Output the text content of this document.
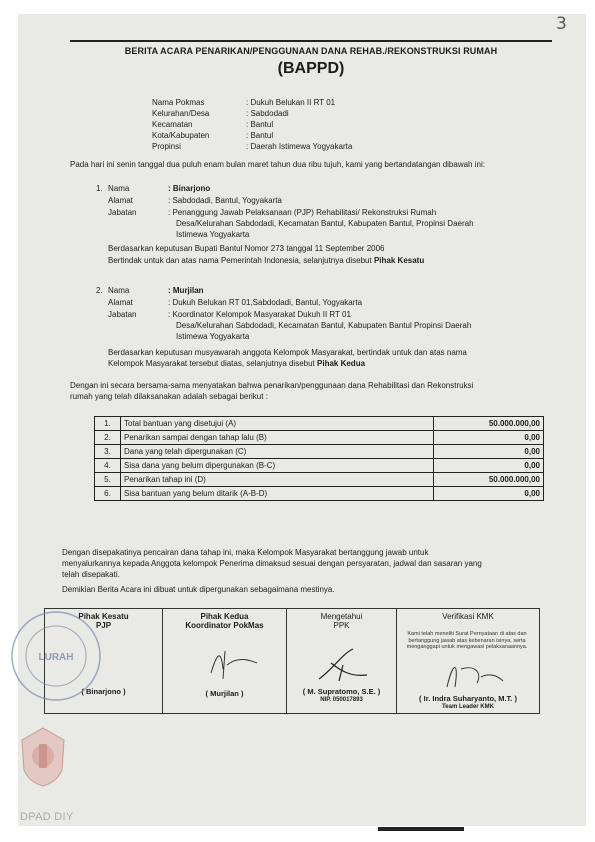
3
BERITA ACARA PENARIKAN/PENGGUNAAN DANA REHAB./REKONSTRUKSI RUMAH
(BAPPD)
Nama Pokmas	: Dukuh Belukan II RT 01
Kelurahan/Desa	: Sabdodadi
Kecamatan	: Bantul
Kota/Kabupaten	: Bantul
Propinsi	: Daerah Istimewa Yogyakarta
Pada hari ini senin tanggal dua puluh enam bulan maret tahun dua ribu tujuh, kami yang bertandatangan dibawah ini:
1. Nama	: Binarjono
Alamat	: Sabdodadi, Bantul, Yogyakarta
Jabatan	: Penanggung Jawab Pelaksanaan (PJP) Rehabilitasi/ Rekonstruksi Rumah
Desa/Kelurahan Sabdodadi, Kecamatan Bantul, Kabupaten Bantul, Propinsi Daerah
Istimewa Yogyakarta
Berdasarkan keputusan Bupati Bantul Nomor 273 tanggal 11 September 2006
Bertindak untuk dan atas nama Pemerintah Indonesia, selanjutnya disebut Pihak Kesatu
2. Nama	: Murjilan
Alamat	: Dukuh Belukan RT 01,Sabdodadi, Bantul, Yogyakarta
Jabatan	: Koordinator Kelompok Masyarakat Dukuh II RT 01
Desa/Kelurahan Sabdodadi, Kecamatan Bantul, Kabupaten Bantul Propinsi Daerah
Istimewa Yogyakarta
Berdasarkan keputusan musyawarah anggota Kelompok Masyarakat, bertindak untuk dan atas nama
Kelompok Masyarakat tersebut diatas, selanjutnya disebut Pihak Kedua
Dengan ini secara bersama-sama menyatakan bahwa penarikan/penggunaan dana Rehabilitasi dan Rekonstruksi
rumah yang telah dilaksanakan adalah sebagai berikut :
1.	Total bantuan yang disetujui (A)	50.000.000,00
2.	Penarikan sampai dengan tahap lalu (B)	0,00
3.	Dana yang telah dipergunakan (C)	0,00
4.	Sisa dana yang belum dipergunakan (B-C)	0,00
5.	Penarikan tahap ini (D)	50.000.000,00
6.	Sisa bantuan yang belum ditarik (A-B-D)	0,00
Dengan disepakatinya pencairan dana tahap ini, maka Kelompok Masyarakat bertanggung jawab untuk
menyalurkannya kepada Anggota kelompok Penerima dimaksud sesuai dengan persyaratan, jadwal dan sasaran yang
telah disepakati.
Demikian Berita Acara ini dibuat untuk dipergunakan sebagaimana mestinya.
Pihak Kesatu
PJP
( Binarjono )
Pihak Kedua
Koordinator PokMas
( Murjilan )
Mengetahui
PPK
( M. Supratomo, S.E. )
NIP. 050017893
Verifikasi KMK
Kami telah meneliti Surat Pernyataan di atas dan bertanggung jawab atas kebenaran isinya, serta menganggapi untuk mengawasi pelaksanaannya.
( Ir. Indra Suharyanto, M.T. )
Team Leader KMK
LURAH
DPAD DIY
